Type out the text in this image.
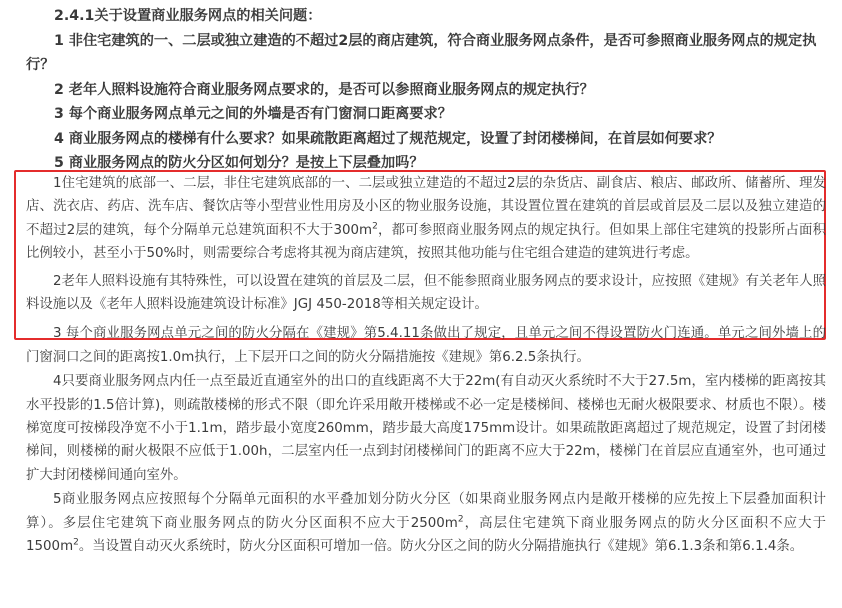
2.4.1关于设置商业服务网点的相关问题：

1 非住宅建筑的一、二层或独立建造的不超过2层的商店建筑，符合商业服务网点条件，是否可参照商业服务网点的规定执

行？

2 老年人照料设施符合商业服务网点要求的，是否可以参照商业服务网点的规定执行？

3 每个商业服务网点单元之间的外墙是否有门窗洞口距离要求？

4 商业服务网点的楼梯有什么要求？如果疏散距离超过了规范规定，设置了封闭楼梯间，在首层如何要求？

5 商业服务网点的防火分区如何划分？是按上下层叠加吗？

1住宅建筑的底部一、二层，非住宅建筑底部的一、二层或独立建造的不超过2层的杂货店、副食店、粮店、邮政所、储蓄所、理发店、洗衣店、药店、洗车店、餐饮店等小型营业性用房及小区的物业服务设施，其设置位置在建筑的首层或首层及二层以及独立建造的不超过2层的建筑，每个分隔单元总建筑面积不大于$300m^2$，都可参照商业服务网点的规定执行。但如果上部住宅建筑的投影所占面积比例较小，甚至小于50%时，则需要综合考虑将其视为商店建筑，按照其他功能与住宅组合建造的建筑进行考虑。

2老年人照料设施有其特殊性，可以设置在建筑的首层及二层，但不能参照商业服务网点的要求设计，应按照《建规》有关老年人照料设施以及《老年人照料设施建筑设计标准》JGJ 450-2018等相关规定设计。

3 每个商业服务网点单元之间的防火分隔在《建规》第5.4.11条做出了规定，且单元之间不得设置防火门连通。单元之间外墙上的门窗洞口之间的距离按1.0m执行，上下层开口之间的防火分隔措施按《建规》第6.2.5条执行。

4只要商业服务网点内任一点至最近直通室外的出口的直线距离不大于22m(有自动灭火系统时不大于27.5m，室内楼梯的距离按其水平投影的1.5倍计算)，则疏散楼梯的形式不限（即允许采用敞开楼梯或不必一定是楼梯间、楼梯也无耐火极限要求、材质也不限）。楼梯宽度可按梯段净宽不小于1.1m，踏步最小宽度260mm，踏步最大高度175mm设计。如果疏散距离超过了规范规定，设置了封闭楼梯间，则楼梯的耐火极限不应低于1.00h，二层室内任一点到封闭楼梯间门的距离不应大于22m，楼梯门在首层应直通室外，也可通过扩大封闭楼梯间通向室外。

5商业服务网点应按照每个分隔单元面积的水平叠加划分防火分区（如果商业服务网点内是敞开楼梯的应先按上下层叠加面积计算）。多层住宅建筑下商业服务网点的防火分区面积不应大于$2500m^2$，高层住宅建筑下商业服务网点的防火分区面积不应大于$1500m^2$。当设置自动灭火系统时，防火分区面积可增加一倍。防火分区之间的防火分隔措施执行《建规》第6.1.3条和第6.1.4条。
